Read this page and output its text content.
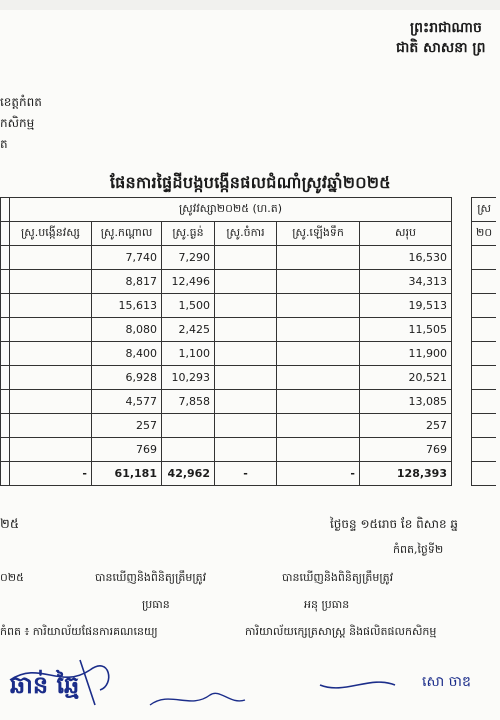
ព្រះរាជាណាច
ជាតិ សាសនា ព្រ
ខេត្តកំពត
កសិកម្ម
ត
ផែនការផ្ទៃដីបង្កបង្កើនផលជំណាំស្រូវឆ្នាំ២០២៥
	ស្រូវវស្សា២០២៥ (ហ.ត)							ស្រ
	ស្រូ.បង្កើនវស្ស	ស្រូ.កណ្តាល	ស្រូ.ធ្ងន់	ស្រូ.ចំការ	ស្រូ.ឡើងទឹក	សរុប		២០
		7,740	7,290			16,530		
		8,817	12,496			34,313		
		15,613	1,500			19,513		
		8,080	2,425			11,505		
		8,400	1,100			11,900		
		6,928	10,293			20,521		
		4,577	7,858			13,085		
		257				257		
		769				769		
	-	61,181	42,962	-	-	128,393		
២៥	ថ្ងៃចន្ទ ១៥រោច ខែ ពិសាខ ឆ្ន
កំពត,ថ្ងៃទី២
០២៥	បានឃើញនិងពិនិត្យត្រឹមត្រូវ	បានឃើញនិងពិនិត្យត្រឹមត្រូវ
ប្រធាន	អនុ ប្រធាន
កំពត ៖ ការិយាល័យផែនការគណនេយ្យ	ការិយាល័យក្សេត្រសាស្ត្រ និងផលិតផលកសិកម្ម
ឆាន់ ឆ្មៃ	សោ ចាឌ
